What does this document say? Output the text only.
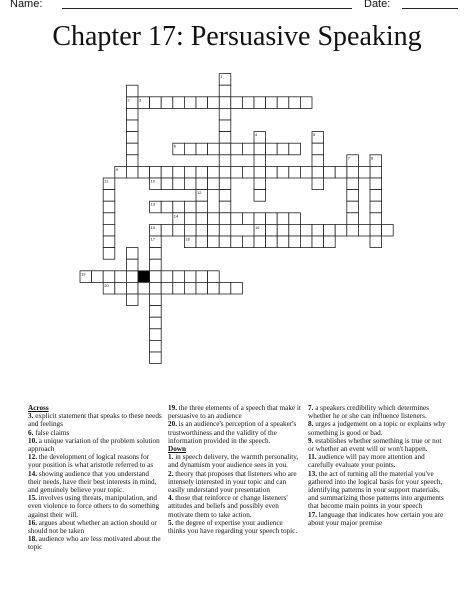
Name:	Date:
Chapter 17: Persuasive Speaking
1
2 3
4	5
6
7	8
9
10
11
12
13
14
15	16
17	18
19
20
Across
3. explicit statement that speaks to these needs and feelings
6. false claims
10. a unique variation of the problem solution approach
12. the development of logical reasons for your position is what aristotle referred to as
14. showing audience that you understand their needs, have their best interests in mind, and genuinely believe your topic.
15. involves using threats, manipulation, and even violence to force others to do something against their will.
16. argues about whether an action should or should not be taken
18. audience who are less motivated about the topic
19. the three elements of a speech that make it persuasive to an audience
20. is an audience's perception of a speaker's trustworthiness and the validity of the information provided in the speech.
Down
1. in speech delivery, the warmth personality, and dynamism your audience sees in you.
2. theory that proposes that listeners who are intensely interested in your topic and can easily understand your presentation
4. those that reinforce or change listeners' attitudes and beliefs and possibly even motivate them to take action.
5. the degree of expertise your audience thinks you have regarding your speech topic.
7. a speakers credibility which determines whether he or she can influence listeners.
8. urges a judgement on a topic or explains why something is good or bad.
9. establishes whether something is true or not or whether an event will or won't happen.
11. audience will pay more attention and carefully evaluate your points.
13. the act of turning all the material you've gathered into the logical basis for your speech, identifying patterns in your support materials, and summarizing those patterns into arguments that become main points in your speech
17. language that indicates how certain you are about your major premise
